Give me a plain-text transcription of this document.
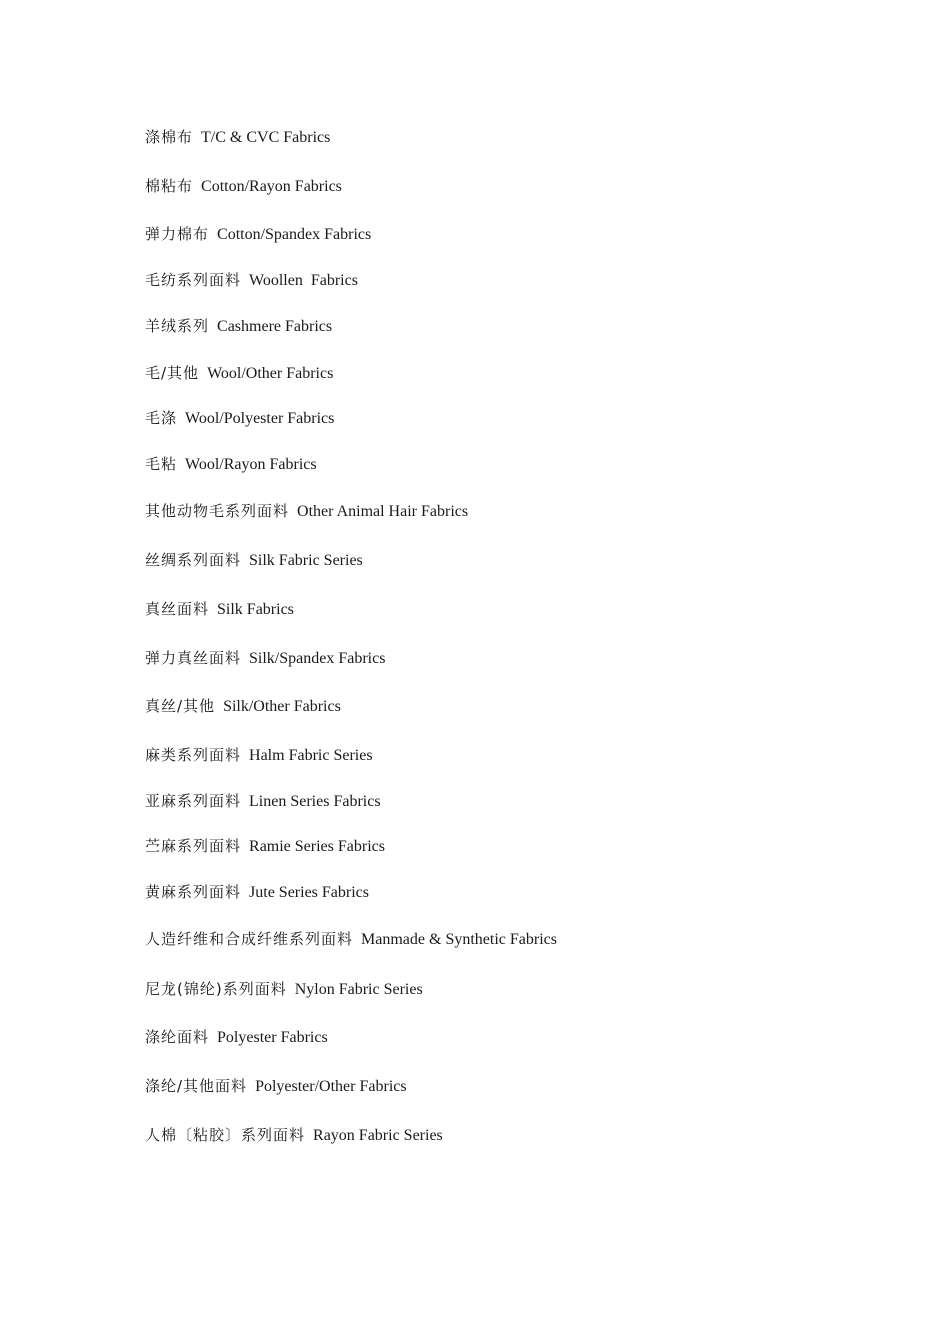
涤棉布 T/C & CVC Fabrics
棉粘布 Cotton/Rayon Fabrics
弹力棉布 Cotton/Spandex Fabrics
毛纺系列面料 Woollen  Fabrics
羊绒系列 Cashmere Fabrics
毛/其他 Wool/Other Fabrics
毛涤 Wool/Polyester Fabrics
毛粘 Wool/Rayon Fabrics
其他动物毛系列面料 Other Animal Hair Fabrics
丝绸系列面料 Silk Fabric Series
真丝面料 Silk Fabrics
弹力真丝面料 Silk/Spandex Fabrics
真丝/其他 Silk/Other Fabrics
麻类系列面料 Halm Fabric Series
亚麻系列面料 Linen Series Fabrics
苎麻系列面料 Ramie Series Fabrics
黄麻系列面料 Jute Series Fabrics
人造纤维和合成纤维系列面料 Manmade & Synthetic Fabrics
尼龙(锦纶)系列面料 Nylon Fabric Series
涤纶面料 Polyester Fabrics
涤纶/其他面料 Polyester/Other Fabrics
人棉〔粘胶〕系列面料 Rayon Fabric Series
